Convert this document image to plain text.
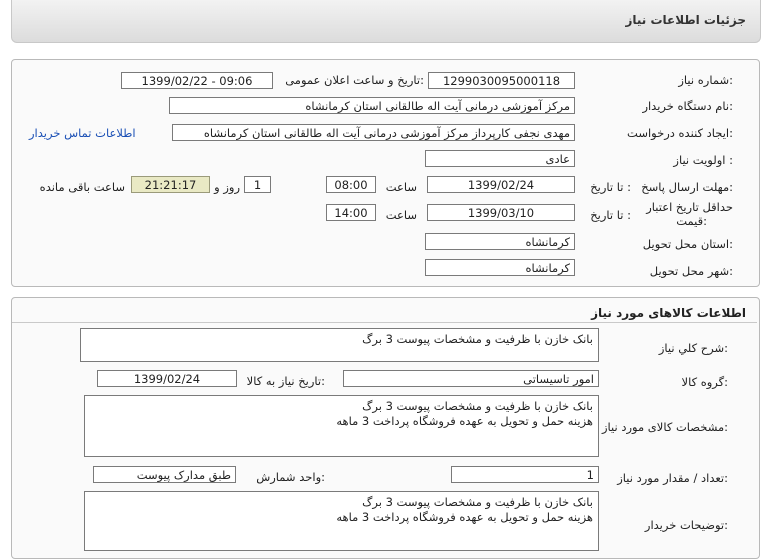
جزئیات اطلاعات نیاز
شماره نیاز:
1299030095000118
تاریخ و ساعت اعلان عمومی:
1399/02/22 - 09:06
نام دستگاه خریدار:
مرکز آموزشی درمانی آیت اله طالقانی استان کرمانشاه
ایجاد کننده درخواست:
مهدی نجفی کارپرداز مرکز آموزشی درمانی آیت اله طالقانی استان کرمانشاه
اطلاعات تماس خریدار
اولویت نیاز :
عادی
مهلت ارسال پاسخ:
تا تاریخ :
1399/02/24
ساعت
08:00
1
روز و
21:21:17
ساعت باقی مانده
حداقل تاریخ اعتبار
قیمت:
تا تاریخ :
1399/03/10
ساعت
14:00
استان محل تحویل:
کرمانشاه
شهر محل تحویل:
کرمانشاه
اطلاعات کالاهای مورد نیاز
شرح کلي نیاز:
بانک خازن با ظرفیت و مشخصات پیوست 3 برگ
گروه کالا:
امور تاسیساتی
تاریخ نیاز به کالا:
1399/02/24
مشخصات کالای مورد نیاز:
بانک خازن با ظرفیت و مشخصات پیوست 3 برگ
هزینه حمل و تحویل به عهده فروشگاه پرداخت 3 ماهه
تعداد / مقدار مورد نیاز:
1
واحد شمارش:
طبق مدارک پیوست
توضیحات خریدار:
بانک خازن با ظرفیت و مشخصات پیوست 3 برگ
هزینه حمل و تحویل به عهده فروشگاه پرداخت 3 ماهه
